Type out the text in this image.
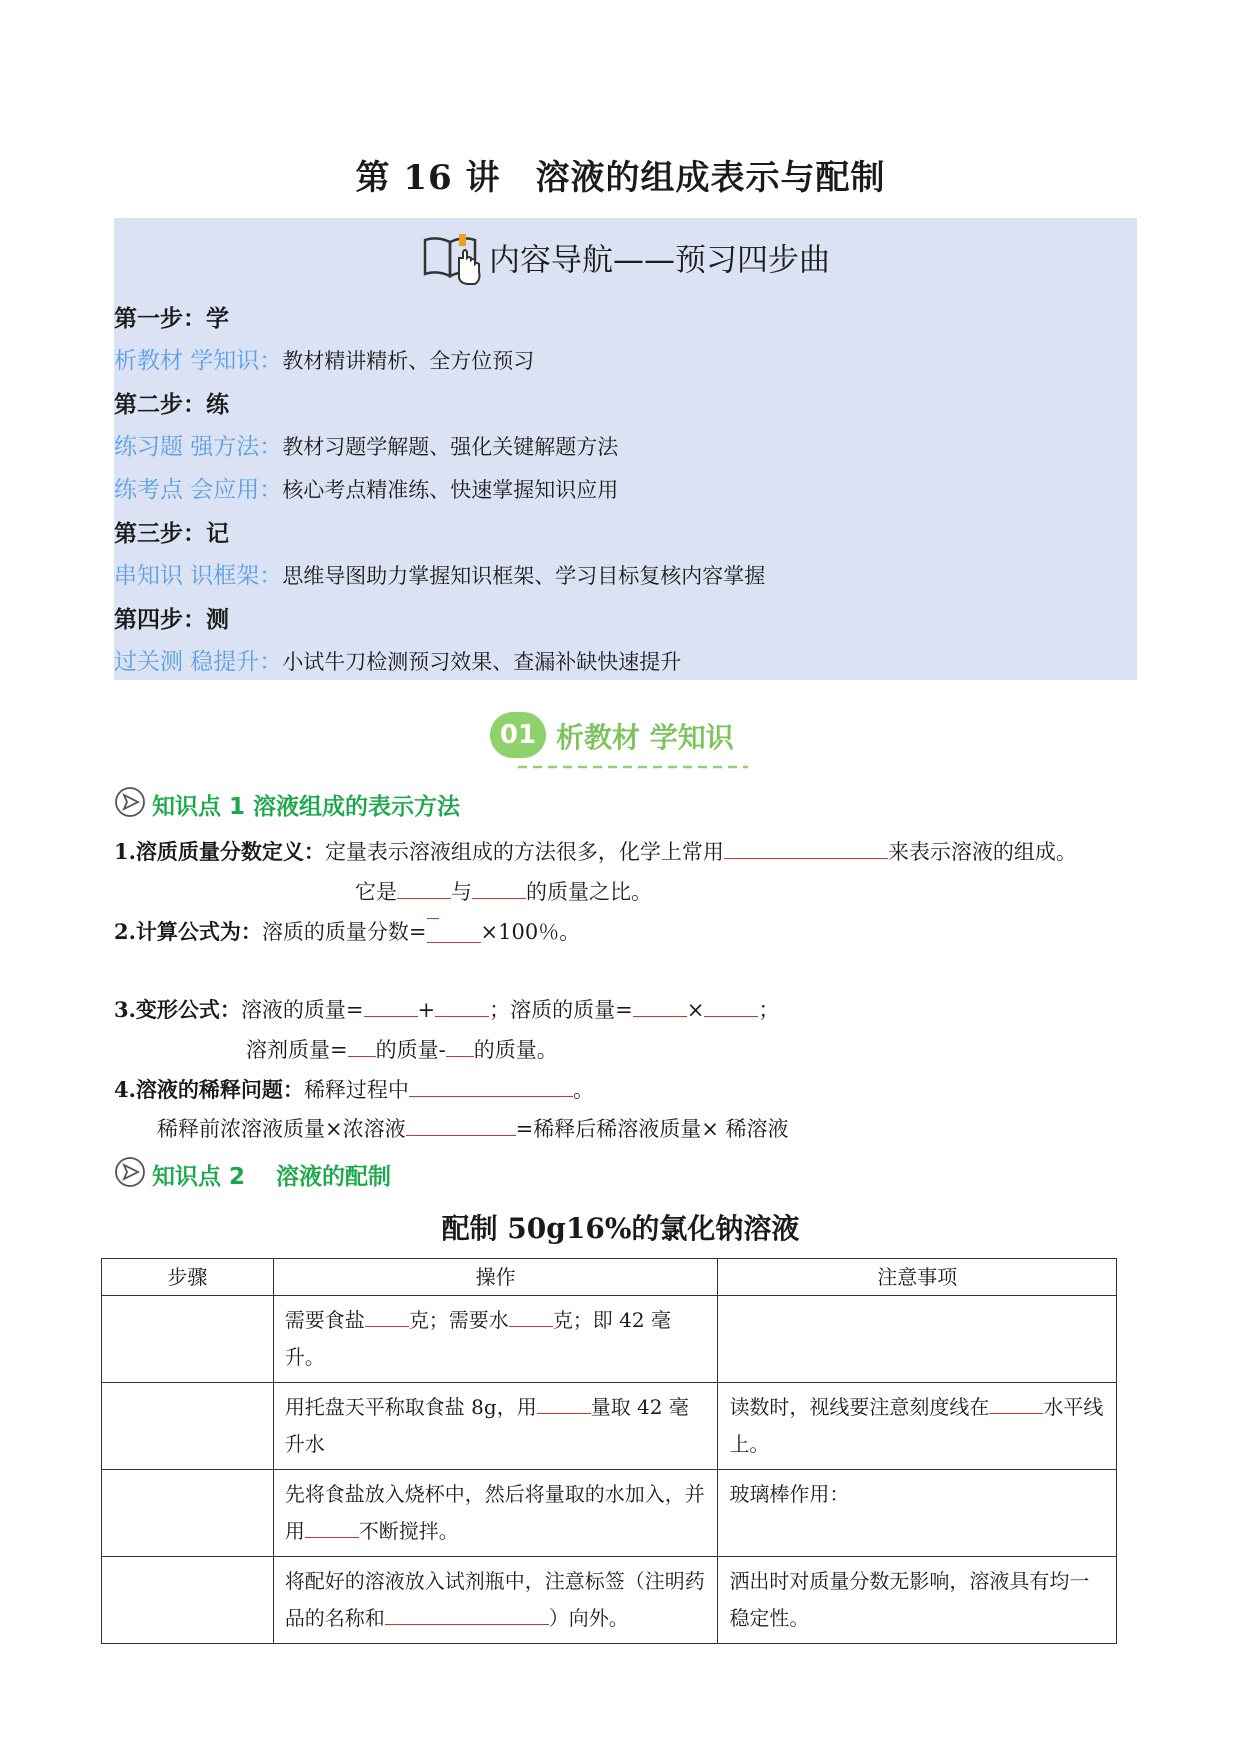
第 16 讲　溶液的组成表示与配制
内容导航——预习四步曲
第一步：学
析教材 学知识：教材精讲精析、全方位预习
第二步：练
练习题 强方法：教材习题学解题、强化关键解题方法
练考点 会应用：核心考点精准练、快速掌握知识应用
第三步：记
串知识 识框架：思维导图助力掌握知识框架、学习目标复核内容掌握
第四步：测
过关测 稳提升：小试牛刀检测预习效果、查漏补缺快速提升
01 析教材 学知识
知识点 1 溶液组成的表示方法
1.溶质质量分数定义：定量表示溶液组成的方法很多，化学上常用	来表示溶液的组成。
它是	与	的质量之比。
2.计算公式为：溶质的质量分数=	×100％。
3.变形公式：溶液的质量=	+	；溶质的质量=	×	；
溶剂质量= 的质量- 的质量。
4.溶液的稀释问题：稀释过程中	。
稀释前浓溶液质量×浓溶液	=稀释后稀溶液质量× 稀溶液
知识点 2　 溶液的配制
配制 50g16%的氯化钠溶液
步骤	操作	注意事项
	需要食盐 克；需要水 克；即 42 毫升。	
	用托盘天平称取食盐 8g，用 量取 42 毫升水	读数时，视线要注意刻度线在 水平线上。
	先将食盐放入烧杯中，然后将量取的水加入，并用 不断搅拌。	玻璃棒作用：
	将配好的溶液放入试剂瓶中，注意标签（注明药品的名称和 ）向外。	洒出时对质量分数无影响，溶液具有均一稳定性。
